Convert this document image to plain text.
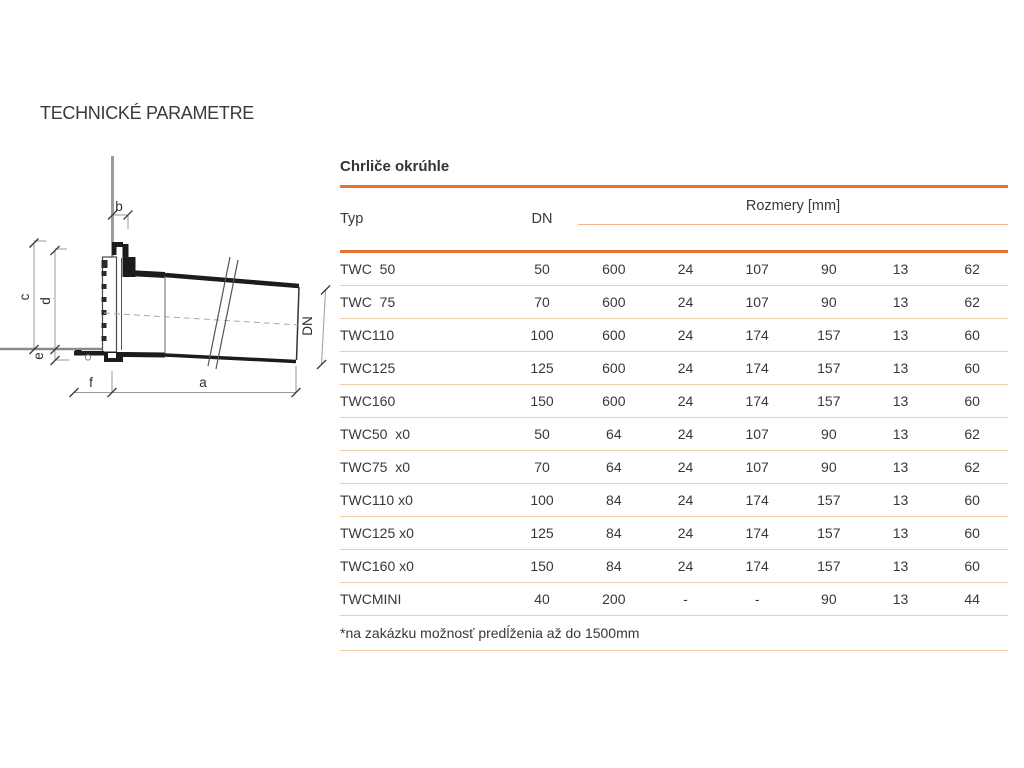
TECHNICKÉ PARAMETRE
b
c
d
e
f	a
DN
Chrliče okrúhle
Typ	DN
Rozmery [mm]
TWC  50	50	600	24	107	90	13	62
TWC  75	70	600	24	107	90	13	62
TWC110	100	600	24	174	157	13	60
TWC125	125	600	24	174	157	13	60
TWC160	150	600	24	174	157	13	60
TWC50  x0	50	64	24	107	90	13	62
TWC75  x0	70	64	24	107	90	13	62
TWC110 x0	100	84	24	174	157	13	60
TWC125 x0	125	84	24	174	157	13	60
TWC160 x0	150	84	24	174	157	13	60
TWCMINI	40	200	-	-	90	13	44
*na zakázku možnosť predĺženia až do 1500mm
